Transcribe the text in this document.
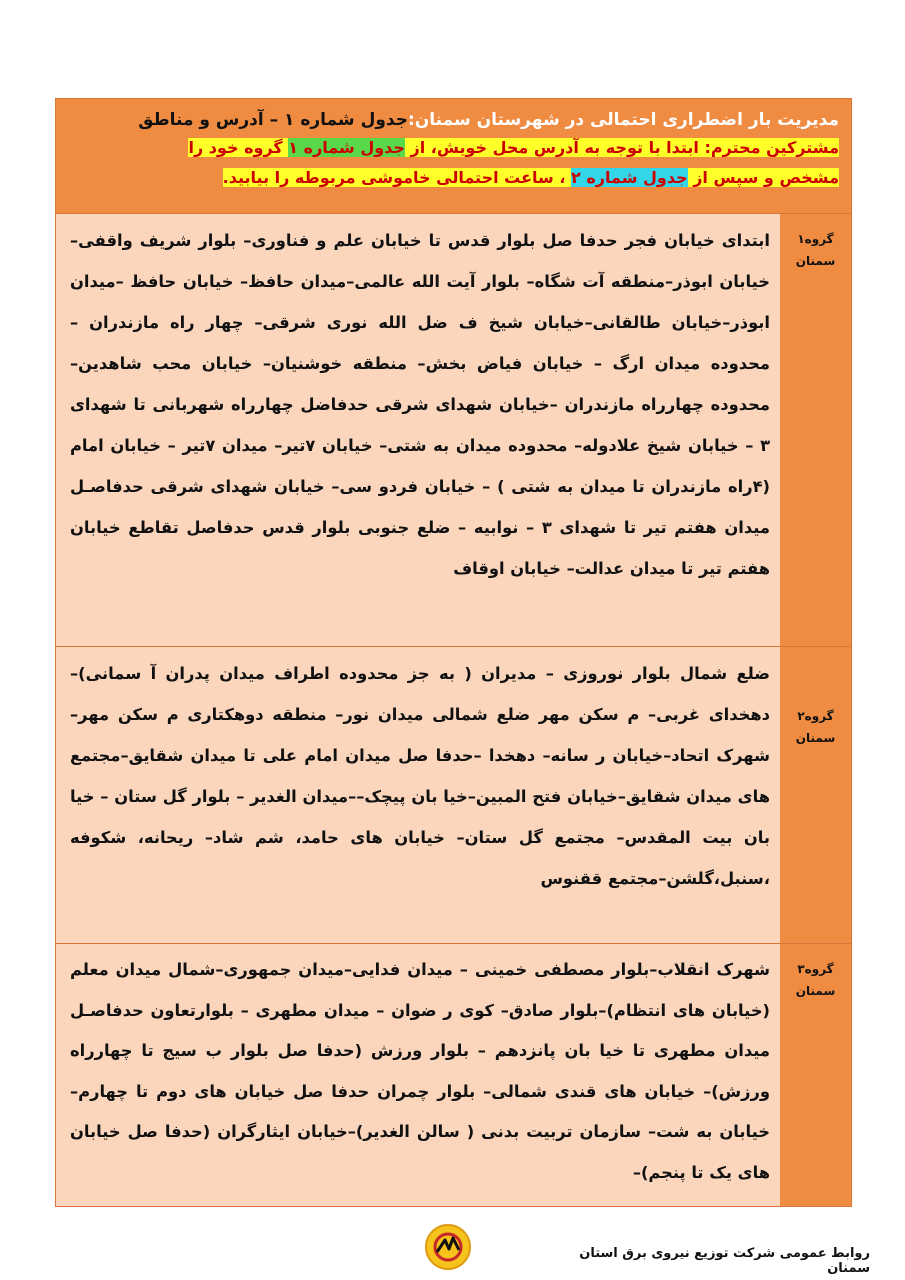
مدیریت بار اضطراری احتمالی در شهرستان سمنان:جدول شماره ۱ – آدرس و مناطق
مشترکین محترم: ابتدا با توجه به آدرس محل خویش، از جدول شماره ۱ گروه خود را
مشخص و سپس از جدول شماره ۲ ، ساعت احتمالی خاموشی مربوطه را بیابید.
گروه۱
سمنان
ابتدای خیابان فجر حدفا صل بلوار قدس تا خیابان علم و فناوری– بلوار شریف واقفی–خیابان ابوذر–منطقه آت شگاه– بلوار آیت الله عالمی–میدان حافظ– خیابان حافظ –میدان ابوذر–خیابان طالقانی–خیابان شیخ ف ضل الله نوری شرقی– چهار راه مازندران – محدوده میدان ارگ – خیابان فیاض بخش– منطقه خوشنیان– خیابان محب شاهدین– محدوده چهارراه مازندران –خیابان شهدای شرقی حدفاضل چهارراه شهربانی تا شهدای ۳ – خیابان شیخ علادوله– محدوده میدان به شتی– خیابان ۷تیر– میدان ۷تیر – خیابان امام (۴راه مازندران تا میدان به شتی ) – خیابان فردو سی– خیابان شهدای شرقی حدفاصـل میدان هفتم تیر تا شهدای ۳ – نوابیه – ضلع جنوبی بلوار قدس حدفاصل تقاطع خیابان هفتم تیر تا میدان عدالت– خیابان اوقاف
گروه۲
سمنان
ضلع شمال بلوار نوروزی – مدیران ( به جز محدوده اطراف میدان پدران آ سمانی)– دهخدای غربی– م سکن مهر ضلع شمالی میدان نور– منطقه دوهکتاری م سکن مهر– شهرک اتحاد–خیابان ر سانه– دهخدا –حدفا صل میدان امام علی تا میدان شقایق–مجتمع های میدان شقایق–خیابان فتح المبین–خیا بان پیچک––میدان الغدیر – بلوار گل ستان – خیا بان بیت المقدس– مجتمع گل ستان– خیابان های حامد، شم شاد– ریحانه، شکوفه ،سنبل،گلشن–مجتمع ققنوس
گروه۳
سمنان
شهرک انقلاب–بلوار مصطفی خمینی – میدان فدایی–میدان جمهوری–شمال میدان معلم (خیابان های انتظام)–بلوار صادق– کوی ر ضوان – میدان مطهری – بلوارتعاون حدفاصـل میدان مطهری تا خیا بان پانزدهم – بلوار ورزش (حدفا صل بلوار ب سیج تا چهارراه ورزش)– خیابان های قندی شمالی– بلوار چمران حدفا صل خیابان های دوم تا چهارم–خیابان به شت– سازمان تربیت بدنی ( سالن الغدیر)–خیابان ایثارگران (حدفا صل خیابان های یک تا پنجم)–
روابط عمومی شرکت توزیع نیروی برق استان سمنان
